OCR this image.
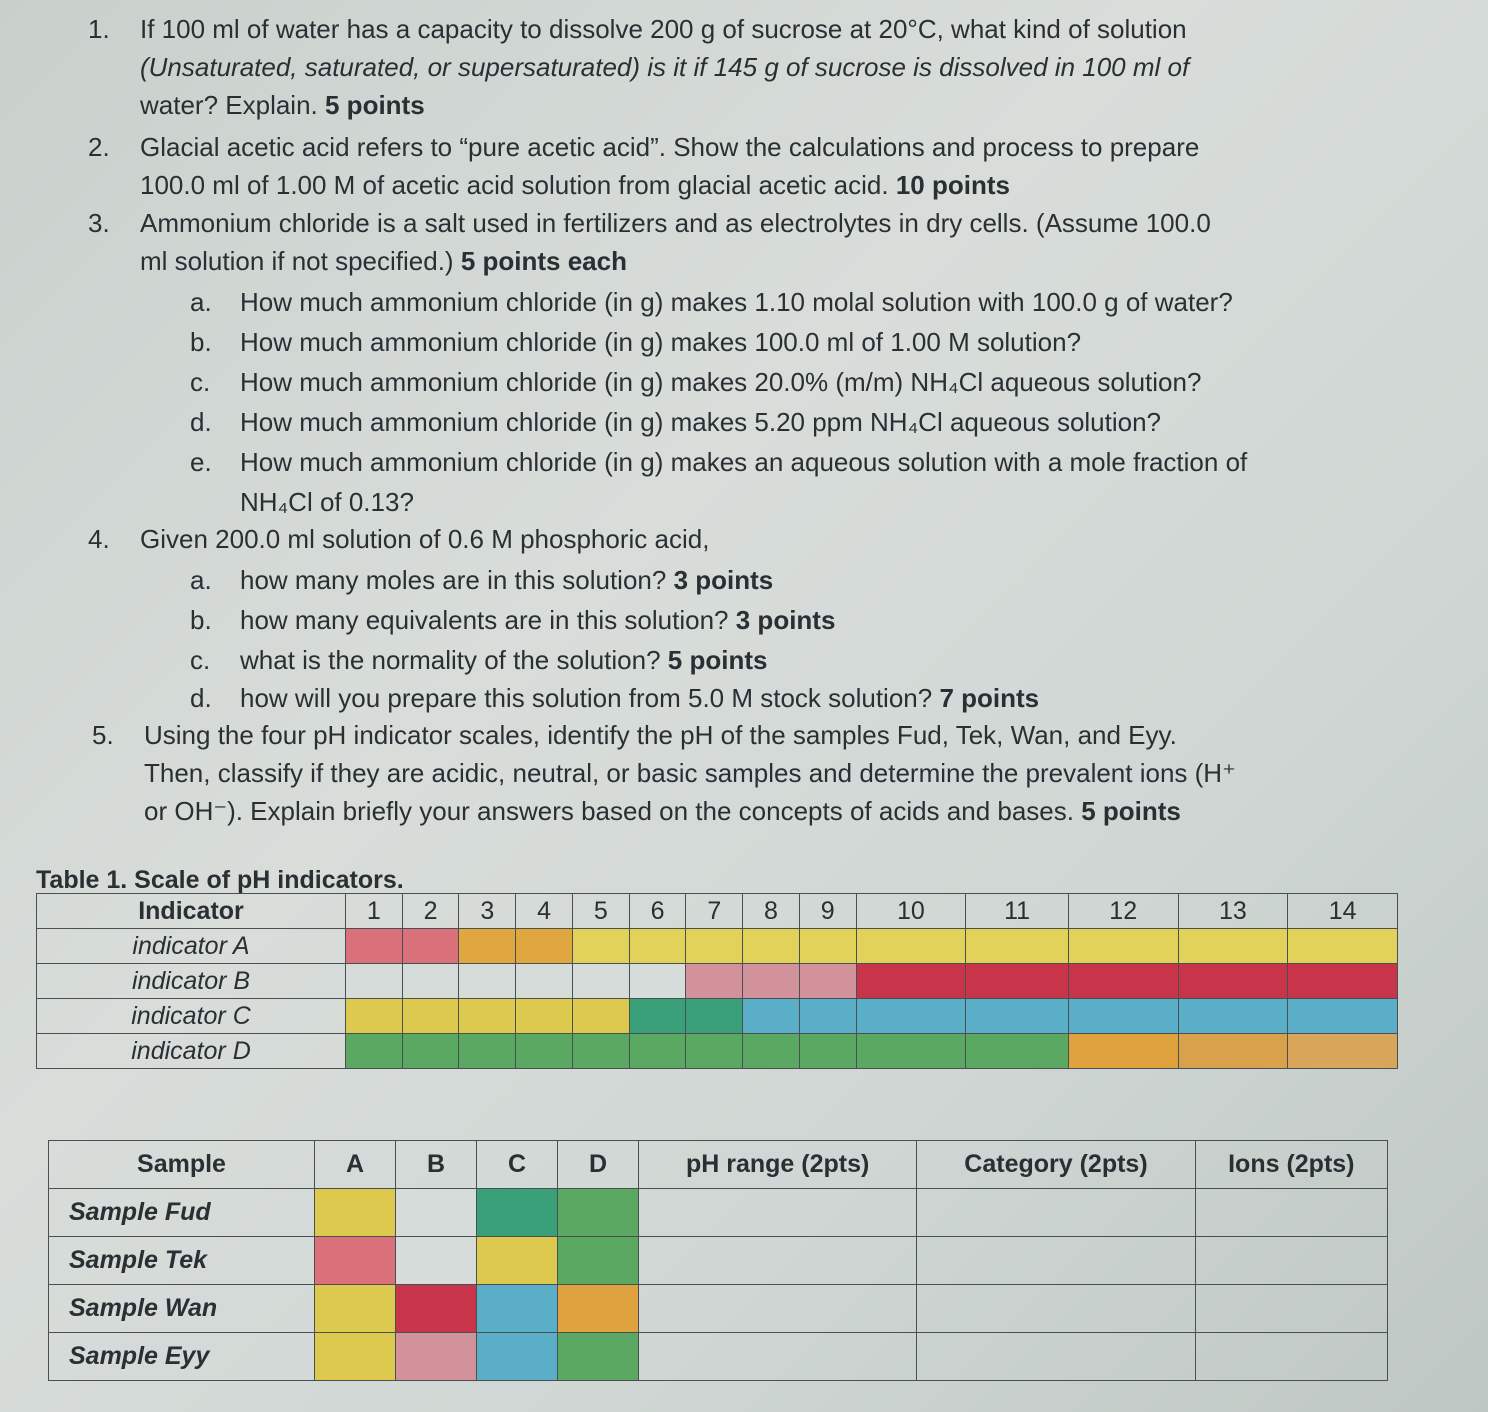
1. If 100 ml of water has a capacity to dissolve 200 g of sucrose at 20°C, what kind of solution
(Unsaturated, saturated, or supersaturated) is it if 145 g of sucrose is dissolved in 100 ml of
water? Explain. 5 points
2. Glacial acetic acid refers to “pure acetic acid”. Show the calculations and process to prepare
100.0 ml of 1.00 M of acetic acid solution from glacial acetic acid. 10 points
3. Ammonium chloride is a salt used in fertilizers and as electrolytes in dry cells. (Assume 100.0
ml solution if not specified.) 5 points each
a. How much ammonium chloride (in g) makes 1.10 molal solution with 100.0 g of water?
b. How much ammonium chloride (in g) makes 100.0 ml of 1.00 M solution?
c. How much ammonium chloride (in g) makes 20.0% (m/m) NH₄Cl aqueous solution?
d. How much ammonium chloride (in g) makes 5.20 ppm NH₄Cl aqueous solution?
e. How much ammonium chloride (in g) makes an aqueous solution with a mole fraction of
NH₄Cl of 0.13?
4. Given 200.0 ml solution of 0.6 M phosphoric acid,
a. how many moles are in this solution? 3 points
b. how many equivalents are in this solution? 3 points
c. what is the normality of the solution? 5 points
d. how will you prepare this solution from 5.0 M stock solution? 7 points
5. Using the four pH indicator scales, identify the pH of the samples Fud, Tek, Wan, and Eyy.
Then, classify if they are acidic, neutral, or basic samples and determine the prevalent ions (H⁺
or OH⁻). Explain briefly your answers based on the concepts of acids and bases. 5 points
Table 1. Scale of pH indicators.
Indicator	1	2	3	4	5	6	7	8	9	10	11	12	13	14
indicator A														
indicator B														
indicator C														
indicator D														
Sample	A	B	C	D	pH range (2pts)	Category (2pts)	Ions (2pts)
Sample Fud							
Sample Tek							
Sample Wan							
Sample Eyy							
